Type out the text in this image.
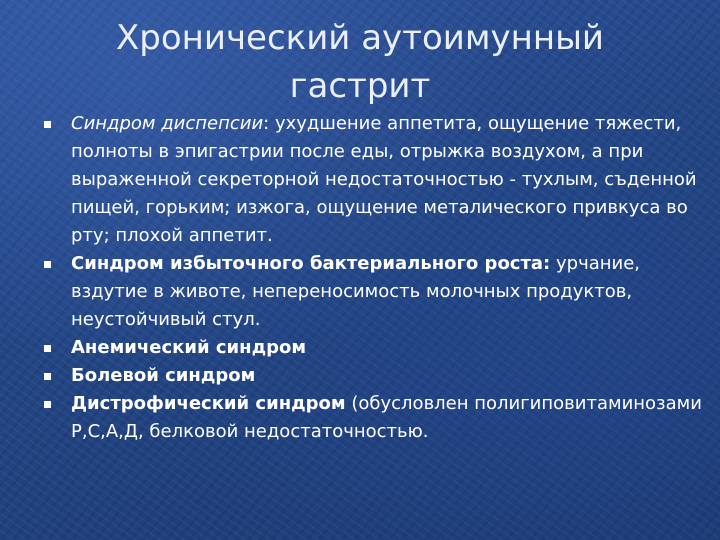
Хронический аутоимунный
гастрит
Синдром диспепсии: ухудшение аппетита, ощущение тяжести, полноты в эпигастрии после еды, отрыжка воздухом, а при выраженной секреторной недостаточностью - тухлым, съденной пищей, горьким; изжога, ощущение металического привкуса во рту; плохой аппетит.
Синдром избыточного бактериального роста: урчание, вздутие в животе, непереносимость молочных продуктов, неустойчивый стул.
Анемический синдром
Болевой синдром
Дистрофический синдром (обусловлен полигиповитаминозами Р,С,А,Д, белковой недостаточностью.
